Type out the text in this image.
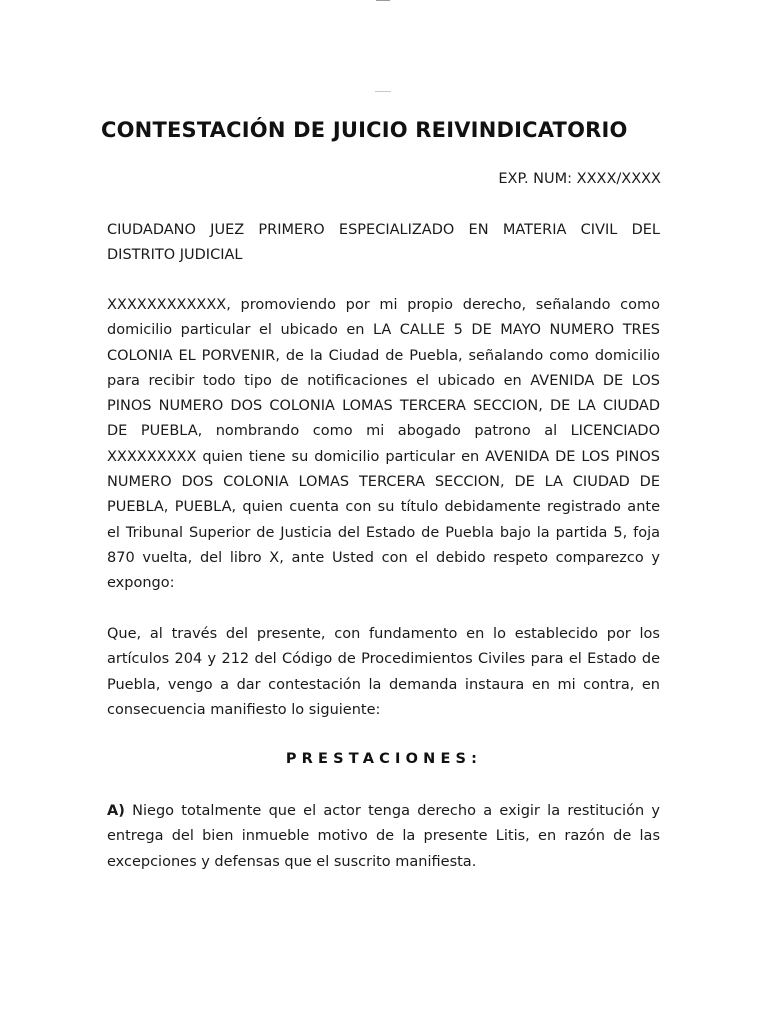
CONTESTACIÓN DE JUICIO REIVINDICATORIO
EXP. NUM: XXXX/XXXX

CIUDADANO JUEZ PRIMERO ESPECIALIZADO EN MATERIA CIVIL DEL DISTRITO JUDICIAL

XXXXXXXXXXXX, promoviendo por mi propio derecho, señalando como domicilio particular el ubicado en LA CALLE 5 DE MAYO NUMERO TRES COLONIA EL PORVENIR, de la Ciudad de Puebla, señalando como domicilio para recibir todo tipo de notificaciones el ubicado en AVENIDA DE LOS PINOS NUMERO DOS COLONIA LOMAS TERCERA SECCION, DE LA CIUDAD DE PUEBLA, nombrando como mi abogado patrono al LICENCIADO XXXXXXXXX quien tiene su domicilio particular en AVENIDA DE LOS PINOS NUMERO DOS COLONIA LOMAS TERCERA SECCION, DE LA CIUDAD DE PUEBLA, PUEBLA, quien cuenta con su título debidamente registrado ante el Tribunal Superior de Justicia del Estado de Puebla bajo la partida 5, foja 870 vuelta, del libro X, ante Usted con el debido respeto comparezco y expongo:

Que, al través del presente, con fundamento en lo establecido por los artículos 204 y 212 del Código de Procedimientos Civiles para el Estado de Puebla, vengo a dar contestación la demanda instaura en mi contra, en consecuencia manifiesto lo siguiente:

PRESTACIONES:

A) Niego totalmente que el actor tenga derecho a exigir la restitución y entrega del bien inmueble motivo de la presente Litis, en razón de las excepciones y defensas que el suscrito manifiesta.
